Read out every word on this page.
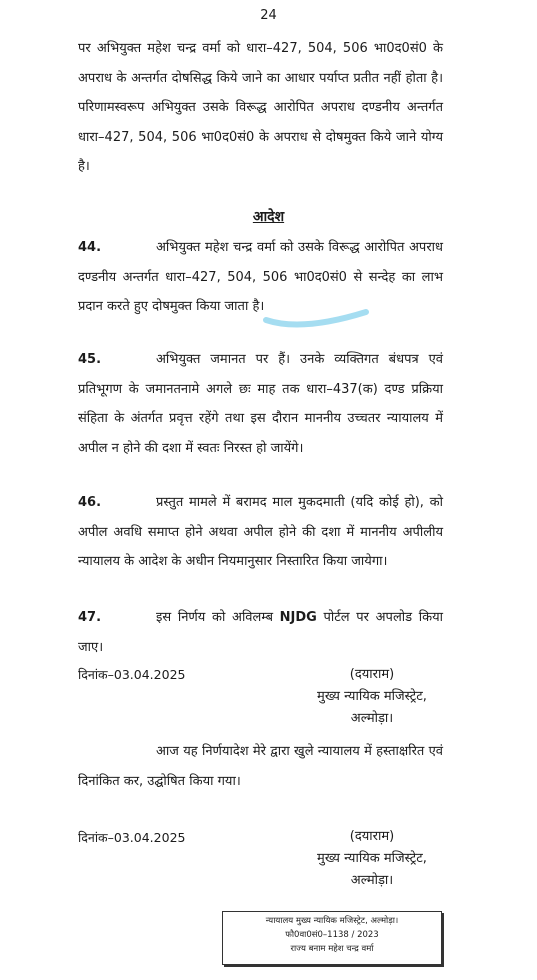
24
पर अभियुक्त महेश चन्द्र वर्मा को धारा–427, 504, 506 भा0द0सं0 के अपराध के अन्तर्गत दोषसिद्ध किये जाने का आधार पर्याप्त प्रतीत नहीं होता है। परिणामस्वरूप अभियुक्त उसके विरूद्ध आरोपित अपराध दण्डनीय अन्तर्गत धारा–427, 504, 506 भा0द0सं0 के अपराध से दोषमुक्त किये जाने योग्य है।
आदेश
44.	अभियुक्त महेश चन्द्र वर्मा को उसके विरूद्ध आरोपित अपराध दण्डनीय अन्तर्गत धारा–427, 504, 506 भा0द0सं0 से सन्देह का लाभ प्रदान करते हुए दोषमुक्त किया जाता है।
45.	अभियुक्त जमानत पर हैं। उनके व्यक्तिगत बंधपत्र एवं प्रतिभूगण के जमानतनामे अगले छः माह तक धारा–437(क) दण्ड प्रक्रिया संहिता के अंतर्गत प्रवृत्त रहेंगे तथा इस दौरान माननीय उच्चतर न्यायालय में अपील न होने की दशा में स्वतः निरस्त हो जायेंगे।
46.	प्रस्तुत मामले में बरामद माल मुकदमाती (यदि कोई हो), को अपील अवधि समाप्त होने अथवा अपील होने की दशा में माननीय अपीलीय न्यायालय के आदेश के अधीन नियमानुसार निस्तारित किया जायेगा।
47.	इस निर्णय को अविलम्ब NJDG पोर्टल पर अपलोड किया जाए।
दिनांक–03.04.2025	(दयाराम)
मुख्य न्यायिक मजिस्ट्रेट,
अल्मोड़ा।
आज यह निर्णयादेश मेरे द्वारा खुले न्यायालय में हस्ताक्षरित एवं दिनांकित कर, उद्घोषित किया गया।
दिनांक–03.04.2025	(दयाराम)
मुख्य न्यायिक मजिस्ट्रेट,
अल्मोड़ा।
न्यायालय मुख्य न्यायिक मजिस्ट्रेट, अल्मोड़ा।
फौ0वा0सं0–1138 / 2023
राज्य बनाम महेश चन्द्र वर्मा
